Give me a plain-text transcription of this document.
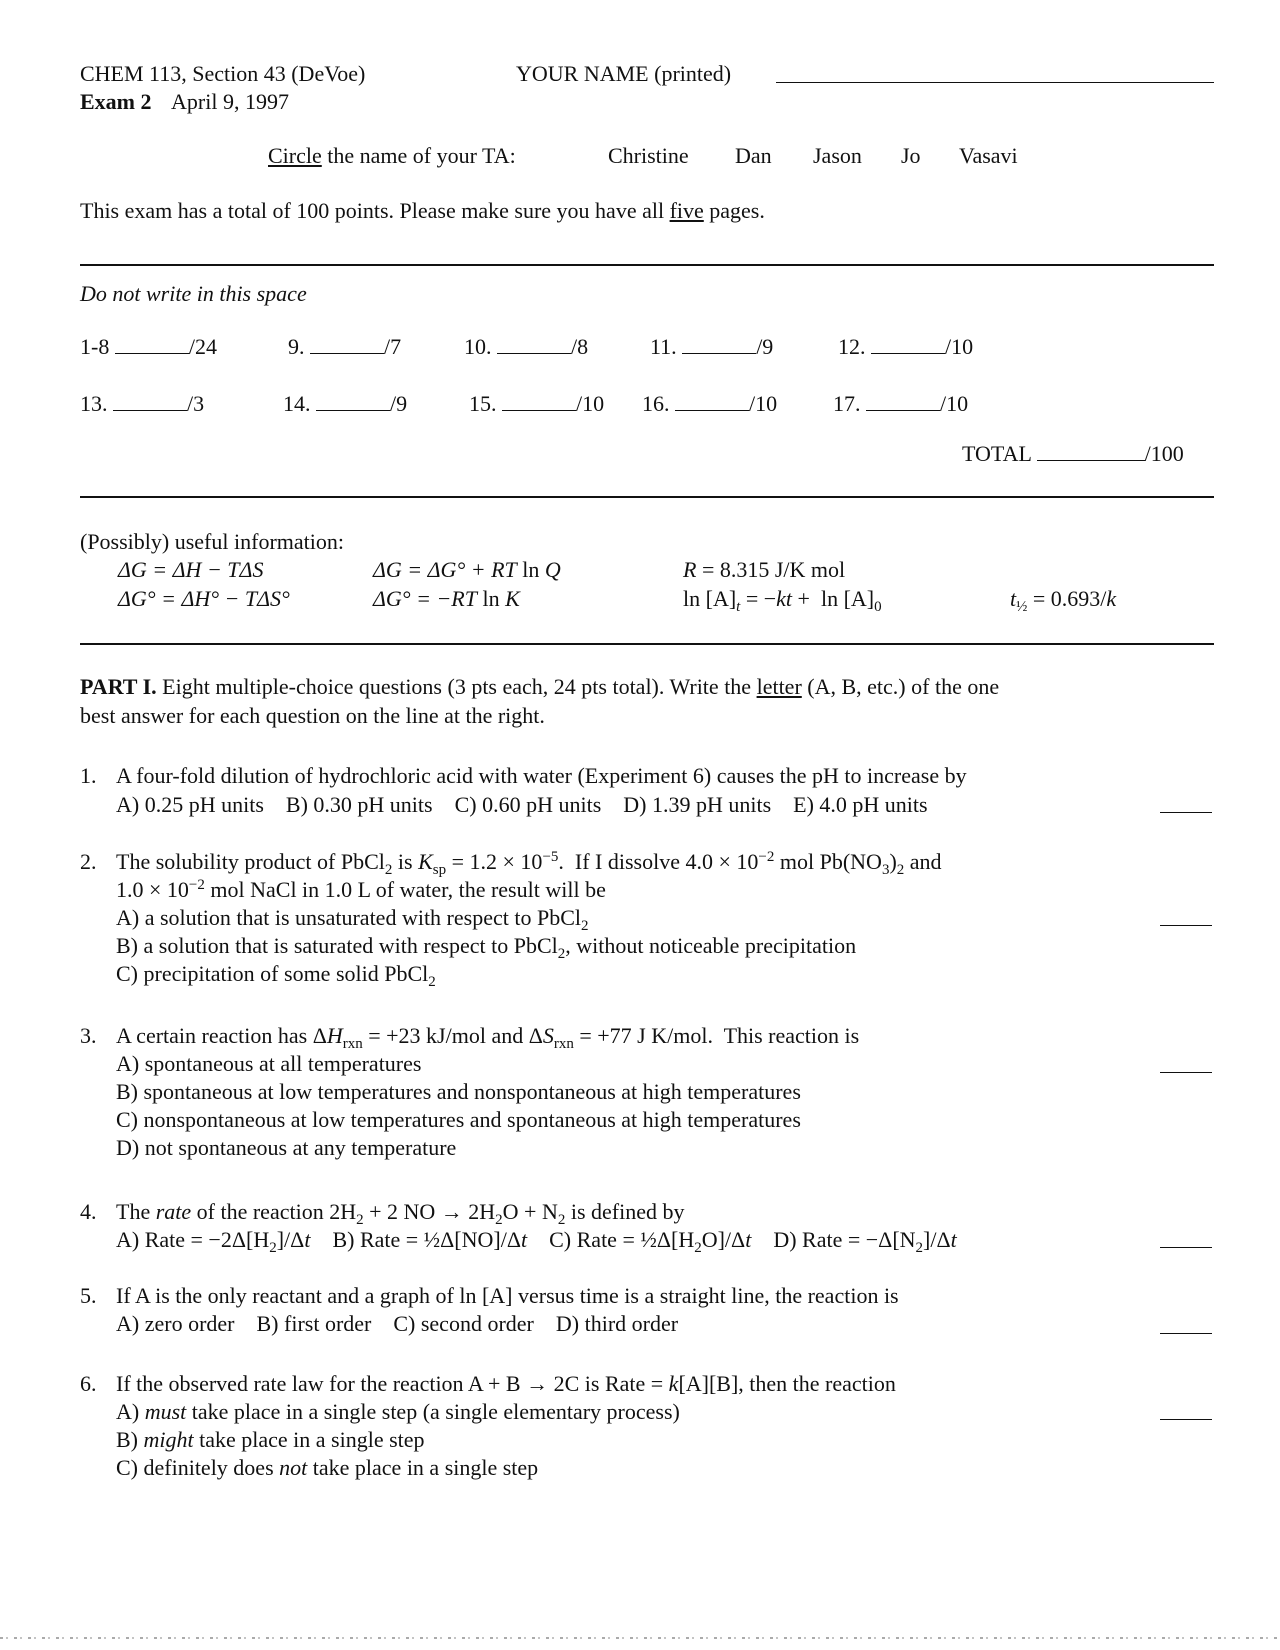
CHEM 113, Section 43 (DeVoe)
Exam 2 April 9, 1997
YOUR NAME (printed)
Circle the name of your TA:	Christine Dan Jason Jo Vasavi
This exam has a total of 100 points. Please make sure you have all five pages.
Do not write in this space
1-8	/24	9.	/7	10.	/8	11.	/9	12.	/10
13.	/3	14.	/9	15.	/10 16.	/10	17.	/10
TOTAL	/100
(Possibly) useful information:
ΔG = ΔH − TΔS
ΔG° = ΔH° − TΔS°
ΔG = ΔG° + RT ln Q
ΔG° = −RT ln K
R = 8.315 J/K mol
$\ln [A]_t = -kt + \ln [A]_0$	$t_{\frac{1}{2}} = 0.693/k$
PART I. Eight multiple-choice questions (3 pts each, 24 pts total). Write the letter (A, B, etc.) of the one
best answer for each question on the line at the right.
1. A four-fold dilution of hydrochloric acid with water (Experiment 6) causes the pH to increase by
A) 0.25 pH units B) 0.30 pH units C) 0.60 pH units D) 1.39 pH units E) 4.0 pH units
2. The solubility product of PbCl$_2$ is $K_{sp} = 1.2 \times 10^{-5}$.  If I dissolve $4.0 \times 10^{-2}$ mol $Pb(NO_3)_2$ and
$1.0 \times 10^{-2}$ mol NaCl in 1.0 L of water, the result will be
A) a solution that is unsaturated with respect to PbCl$_2$
B) a solution that is saturated with respect to PbCl$_2$, without noticeable precipitation
C) precipitation of some solid PbCl$_2$
3. A certain reaction has $\Delta H_{rxn} = +23$ kJ/mol and $\Delta S_{rxn} = +77$ J K/mol.  This reaction is
A) spontaneous at all temperatures
B) spontaneous at low temperatures and nonspontaneous at high temperatures
C) nonspontaneous at low temperatures and spontaneous at high temperatures
D) not spontaneous at any temperature
4. The rate of the reaction $2H_2 + 2$ NO → $2H_2O + N_2$ is defined by
A) Rate = $-2\Delta[H_2]/\Delta t$ B) Rate = ½Δ[NO]/Δt C) Rate = $\frac{1}{2}\Delta[H_2O]/\Delta t$ D) Rate = $-\Delta[N_2]/\Delta t$
5. If A is the only reactant and a graph of ln [A] versus time is a straight line, the reaction is
A) zero order B) first order C) second order D) third order
6. If the observed rate law for the reaction A + B → 2C is Rate = k[A][B], then the reaction
A) must take place in a single step (a single elementary process)
B) might take place in a single step
C) definitely does not take place in a single step
